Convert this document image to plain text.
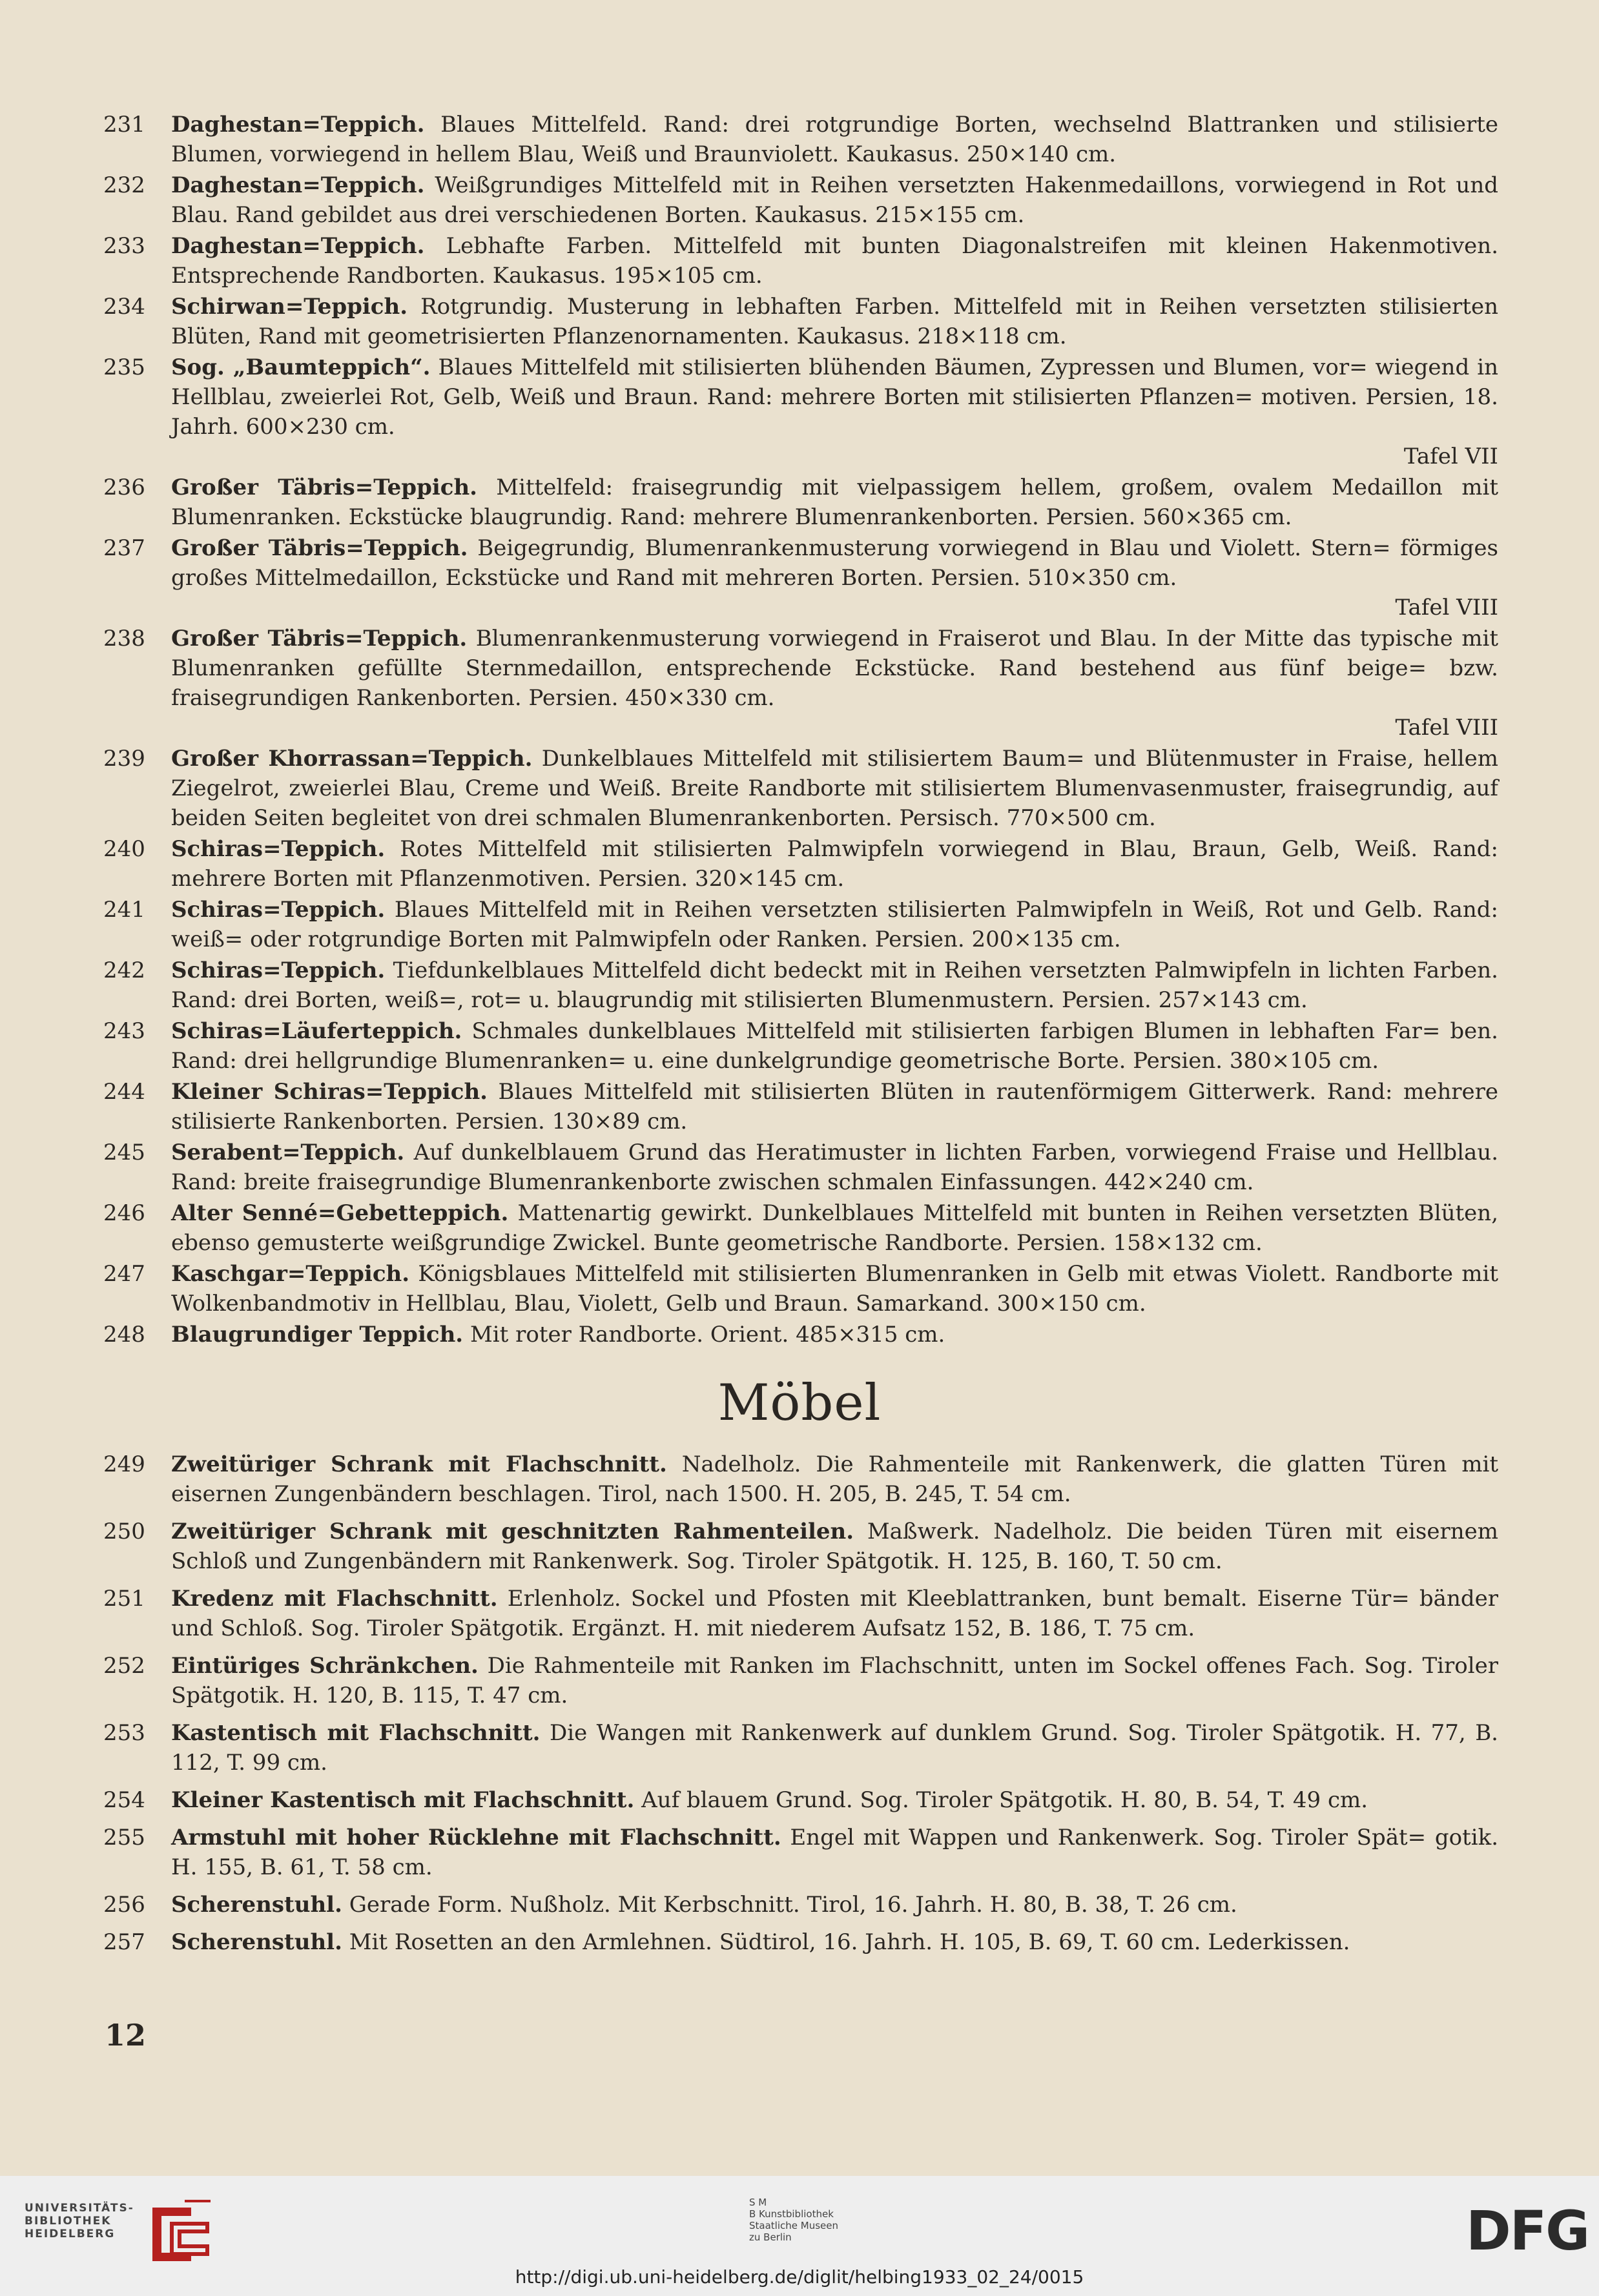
231	Daghestan=Teppich. Blaues Mittelfeld. Rand: drei rotgrundige Borten, wechselnd Blattranken und stilisierte Blumen, vorwiegend in hellem Blau, Weiß und Braunviolett. Kaukasus. 250×140 cm.
232	Daghestan=Teppich. Weißgrundiges Mittelfeld mit in Reihen versetzten Hakenmedaillons, vorwiegend in Rot und Blau. Rand gebildet aus drei verschiedenen Borten. Kaukasus. 215×155 cm.
233	Daghestan=Teppich. Lebhafte Farben. Mittelfeld mit bunten Diagonalstreifen mit kleinen Hakenmotiven. Entsprechende Randborten. Kaukasus. 195×105 cm.
234	Schirwan=Teppich. Rotgrundig. Musterung in lebhaften Farben. Mittelfeld mit in Reihen versetzten stilisierten Blüten, Rand mit geometrisierten Pflanzenornamenten. Kaukasus. 218×118 cm.
235	Sog. „Baumteppich“. Blaues Mittelfeld mit stilisierten blühenden Bäumen, Zypressen und Blumen, vor= wiegend in Hellblau, zweierlei Rot, Gelb, Weiß und Braun. Rand: mehrere Borten mit stilisierten Pflanzen= motiven. Persien, 18. Jahrh. 600×230 cm.
Tafel VII
236	Großer Täbris=Teppich. Mittelfeld: fraisegrundig mit vielpassigem hellem, großem, ovalem Medaillon mit Blumenranken. Eckstücke blaugrundig. Rand: mehrere Blumenrankenborten. Persien. 560×365 cm.
237	Großer Täbris=Teppich. Beigegrundig, Blumenrankenmusterung vorwiegend in Blau und Violett. Stern= förmiges großes Mittelmedaillon, Eckstücke und Rand mit mehreren Borten. Persien. 510×350 cm.
Tafel VIII
238	Großer Täbris=Teppich. Blumenrankenmusterung vorwiegend in Fraiserot und Blau. In der Mitte das typische mit Blumenranken gefüllte Sternmedaillon, entsprechende Eckstücke. Rand bestehend aus fünf beige= bzw. fraisegrundigen Rankenborten. Persien. 450×330 cm.
Tafel VIII
239	Großer Khorrassan=Teppich. Dunkelblaues Mittelfeld mit stilisiertem Baum= und Blütenmuster in Fraise, hellem Ziegelrot, zweierlei Blau, Creme und Weiß. Breite Randborte mit stilisiertem Blumenvasenmuster, fraisegrundig, auf beiden Seiten begleitet von drei schmalen Blumenrankenborten. Persisch. 770×500 cm.
240	Schiras=Teppich. Rotes Mittelfeld mit stilisierten Palmwipfeln vorwiegend in Blau, Braun, Gelb, Weiß. Rand: mehrere Borten mit Pflanzenmotiven. Persien. 320×145 cm.
241	Schiras=Teppich. Blaues Mittelfeld mit in Reihen versetzten stilisierten Palmwipfeln in Weiß, Rot und Gelb. Rand: weiß= oder rotgrundige Borten mit Palmwipfeln oder Ranken. Persien. 200×135 cm.
242	Schiras=Teppich. Tiefdunkelblaues Mittelfeld dicht bedeckt mit in Reihen versetzten Palmwipfeln in lichten Farben. Rand: drei Borten, weiß=, rot= u. blaugrundig mit stilisierten Blumenmustern. Persien. 257×143 cm.
243	Schiras=Läuferteppich. Schmales dunkelblaues Mittelfeld mit stilisierten farbigen Blumen in lebhaften Far= ben. Rand: drei hellgrundige Blumenranken= u. eine dunkelgrundige geometrische Borte. Persien. 380×105 cm.
244	Kleiner Schiras=Teppich. Blaues Mittelfeld mit stilisierten Blüten in rautenförmigem Gitterwerk. Rand: mehrere stilisierte Rankenborten. Persien. 130×89 cm.
245	Serabent=Teppich. Auf dunkelblauem Grund das Heratimuster in lichten Farben, vorwiegend Fraise und Hellblau. Rand: breite fraisegrundige Blumenrankenborte zwischen schmalen Einfassungen. 442×240 cm.
246	Alter Senné=Gebetteppich. Mattenartig gewirkt. Dunkelblaues Mittelfeld mit bunten in Reihen versetzten Blüten, ebenso gemusterte weißgrundige Zwickel. Bunte geometrische Randborte. Persien. 158×132 cm.
247	Kaschgar=Teppich. Königsblaues Mittelfeld mit stilisierten Blumenranken in Gelb mit etwas Violett. Randborte mit Wolkenbandmotiv in Hellblau, Blau, Violett, Gelb und Braun. Samarkand. 300×150 cm.
248	Blaugrundiger Teppich. Mit roter Randborte. Orient. 485×315 cm.
Möbel
249	Zweitüriger Schrank mit Flachschnitt. Nadelholz. Die Rahmenteile mit Rankenwerk, die glatten Türen mit eisernen Zungenbändern beschlagen. Tirol, nach 1500. H. 205, B. 245, T. 54 cm.
250	Zweitüriger Schrank mit geschnitzten Rahmenteilen. Maßwerk. Nadelholz. Die beiden Türen mit eisernem Schloß und Zungenbändern mit Rankenwerk. Sog. Tiroler Spätgotik. H. 125, B. 160, T. 50 cm.
251	Kredenz mit Flachschnitt. Erlenholz. Sockel und Pfosten mit Kleeblattranken, bunt bemalt. Eiserne Tür= bänder und Schloß. Sog. Tiroler Spätgotik. Ergänzt. H. mit niederem Aufsatz 152, B. 186, T. 75 cm.
252	Eintüriges Schränkchen. Die Rahmenteile mit Ranken im Flachschnitt, unten im Sockel offenes Fach. Sog. Tiroler Spätgotik. H. 120, B. 115, T. 47 cm.
253	Kastentisch mit Flachschnitt. Die Wangen mit Rankenwerk auf dunklem Grund. Sog. Tiroler Spätgotik. H. 77, B. 112, T. 99 cm.
254	Kleiner Kastentisch mit Flachschnitt. Auf blauem Grund. Sog. Tiroler Spätgotik. H. 80, B. 54, T. 49 cm.
255	Armstuhl mit hoher Rücklehne mit Flachschnitt. Engel mit Wappen und Rankenwerk. Sog. Tiroler Spät= gotik. H. 155, B. 61, T. 58 cm.
256	Scherenstuhl. Gerade Form. Nußholz. Mit Kerbschnitt. Tirol, 16. Jahrh. H. 80, B. 38, T. 26 cm.
257	Scherenstuhl. Mit Rosetten an den Armlehnen. Südtirol, 16. Jahrh. H. 105, B. 69, T. 60 cm. Lederkissen.
12
UNIVERSITÄTS-
BIBLIOTHEK
HEIDELBERG
S M
B Kunstbibliothek
Staatliche Museen
zu Berlin	DFG
http://digi.ub.uni-heidelberg.de/diglit/helbing1933_02_24/0015
